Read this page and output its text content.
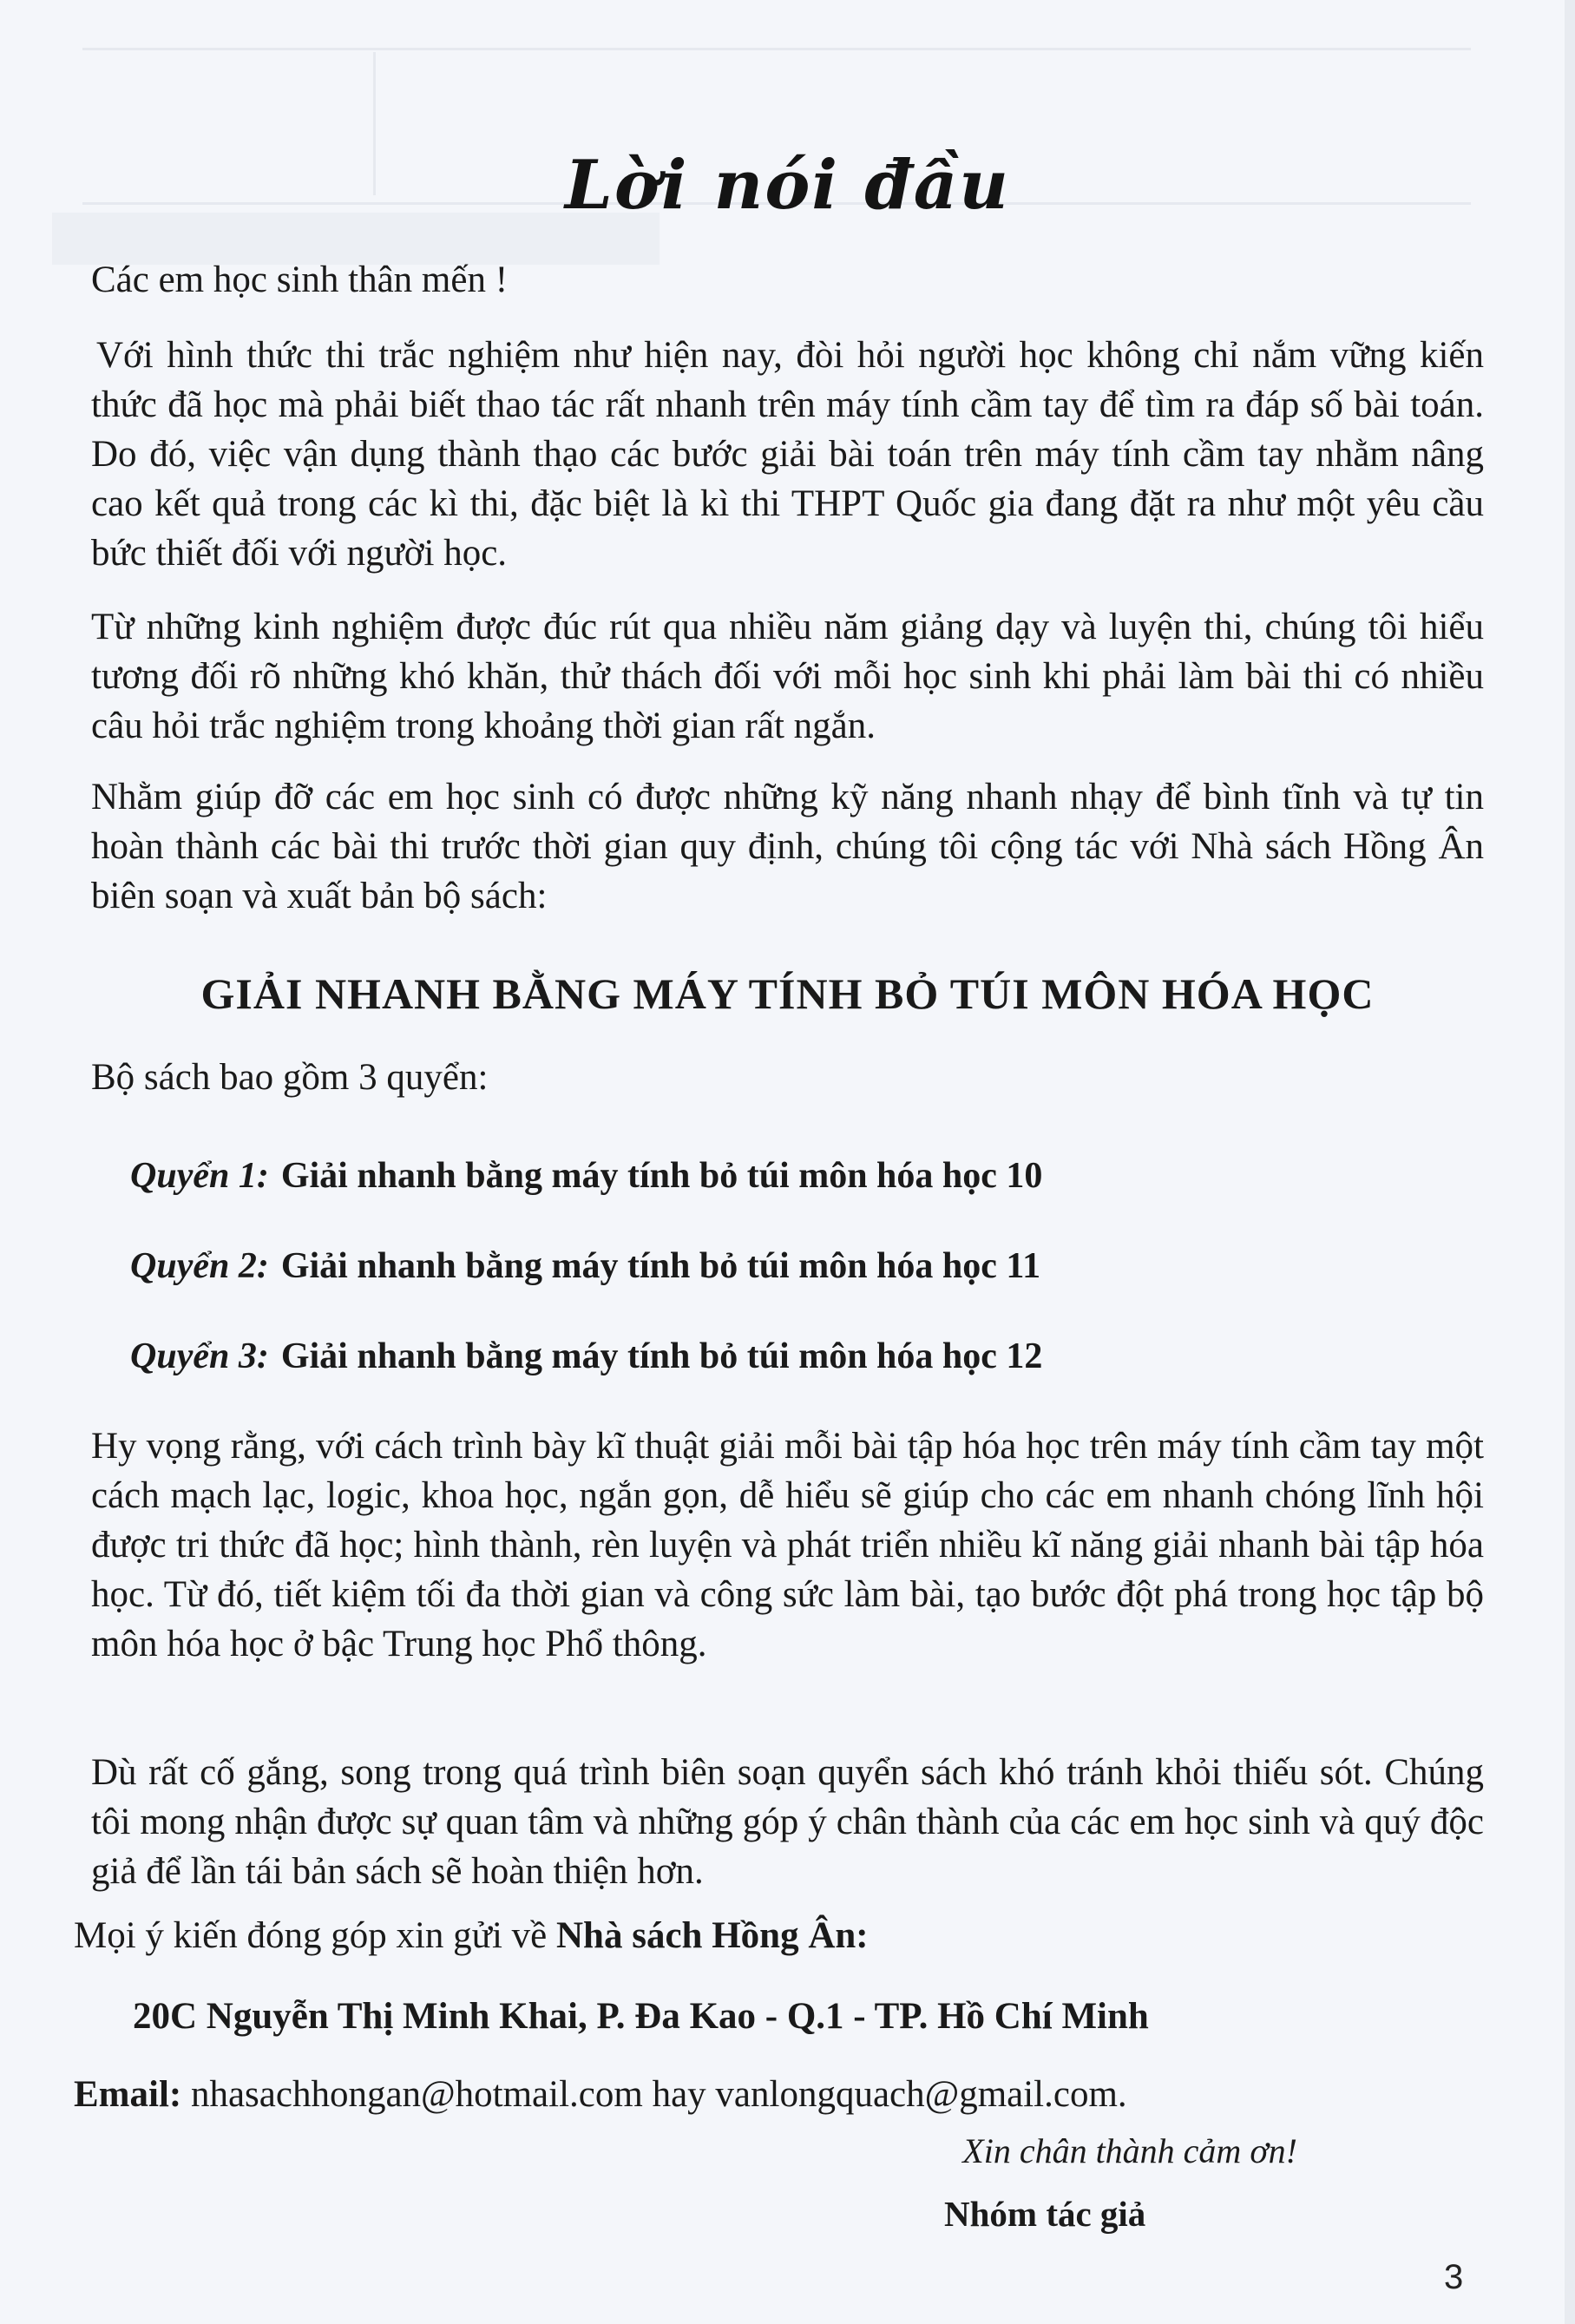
Lời nói đầu
Các em học sinh thân mến !
Với hình thức thi trắc nghiệm như hiện nay, đòi hỏi người học không chỉ nắm vững kiến thức đã học mà phải biết thao tác rất nhanh trên máy tính cầm tay để tìm ra đáp số bài toán. Do đó, việc vận dụng thành thạo các bước giải bài toán trên máy tính cầm tay nhằm nâng cao kết quả trong các kì thi, đặc biệt là kì thi THPT Quốc gia đang đặt ra như một yêu cầu bức thiết đối với người học.
Từ những kinh nghiệm được đúc rút qua nhiều năm giảng dạy và luyện thi, chúng tôi hiểu tương đối rõ những khó khăn, thử thách đối với mỗi học sinh khi phải làm bài thi có nhiều câu hỏi trắc nghiệm trong khoảng thời gian rất ngắn.
Nhằm giúp đỡ các em học sinh có được những kỹ năng nhanh nhạy để bình tĩnh và tự tin hoàn thành các bài thi trước thời gian quy định, chúng tôi cộng tác với Nhà sách Hồng Ân biên soạn và xuất bản bộ sách:
GIẢI NHANH BẰNG MÁY TÍNH BỎ TÚI MÔN HÓA HỌC
Bộ sách bao gồm 3 quyển:
Quyển 1: Giải nhanh bằng máy tính bỏ túi môn hóa học 10
Quyển 2: Giải nhanh bằng máy tính bỏ túi môn hóa học 11
Quyển 3: Giải nhanh bằng máy tính bỏ túi môn hóa học 12
Hy vọng rằng, với cách trình bày kĩ thuật giải mỗi bài tập hóa học trên máy tính cầm tay một cách mạch lạc, logic, khoa học, ngắn gọn, dễ hiểu sẽ giúp cho các em nhanh chóng lĩnh hội được tri thức đã học; hình thành, rèn luyện và phát triển nhiều kĩ năng giải nhanh bài tập hóa học. Từ đó, tiết kiệm tối đa thời gian và công sức làm bài, tạo bước đột phá trong học tập bộ môn hóa học ở bậc Trung học Phổ thông.
Dù rất cố gắng, song trong quá trình biên soạn quyển sách khó tránh khỏi thiếu sót. Chúng tôi mong nhận được sự quan tâm và những góp ý chân thành của các em học sinh và quý độc giả để lần tái bản sách sẽ hoàn thiện hơn.
Mọi ý kiến đóng góp xin gửi về Nhà sách Hồng Ân:
20C Nguyễn Thị Minh Khai, P. Đa Kao - Q.1 - TP. Hồ Chí Minh
Email: nhasachhongan@hotmail.com hay vanlongquach@gmail.com.
Xin chân thành cảm ơn!
Nhóm tác giả
3
